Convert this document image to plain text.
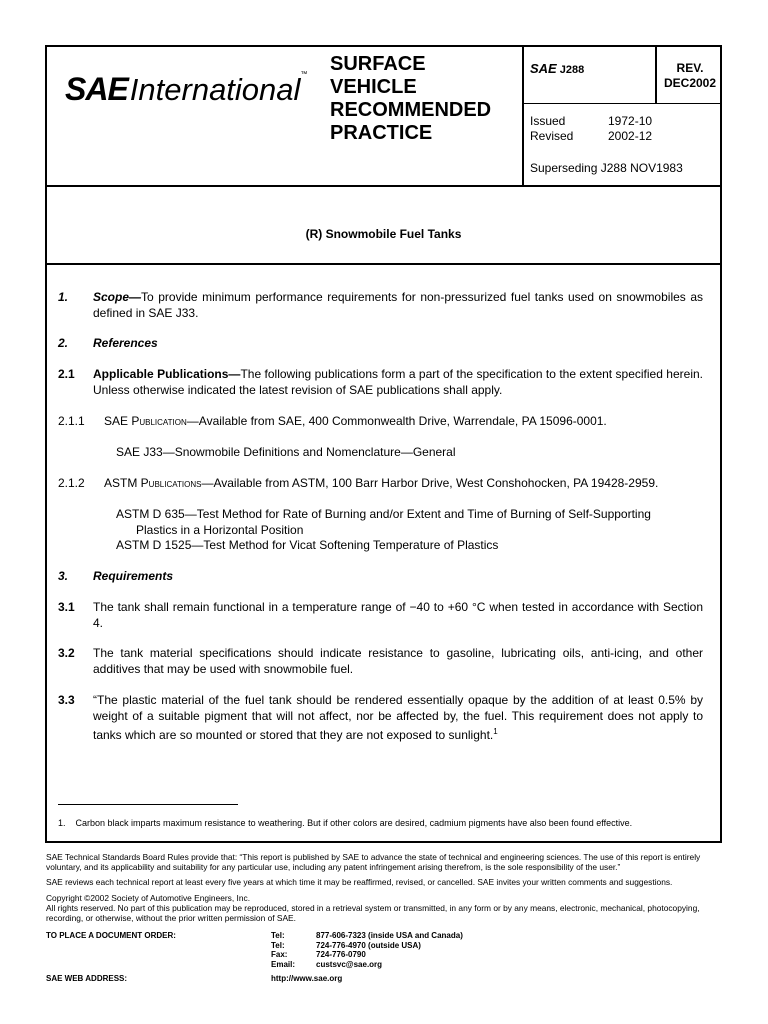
SAEInternational™ SURFACE
VEHICLE
RECOMMENDED
PRACTICE
SAE J288	REV.
DEC2002
Issued	1972-10
Revised	2002-12
Superseding J288 NOV1983
(R) Snowmobile Fuel Tanks
1. Scope—To provide minimum performance requirements for non-pressurized fuel tanks used on snowmobiles as defined in SAE J33.
2. References
2.1 Applicable Publications—The following publications form a part of the specification to the extent specified herein. Unless otherwise indicated the latest revision of SAE publications shall apply.
2.1.1 SAE Publication—Available from SAE, 400 Commonwealth Drive, Warrendale, PA 15096-0001.
SAE J33—Snowmobile Definitions and Nomenclature—General
2.1.2 ASTM Publications—Available from ASTM, 100 Barr Harbor Drive, West Conshohocken, PA 19428-2959.
ASTM D 635—Test Method for Rate of Burning and/or Extent and Time of Burning of Self-Supporting
Plastics in a Horizontal Position
ASTM D 1525—Test Method for Vicat Softening Temperature of Plastics
3. Requirements
3.1 The tank shall remain functional in a temperature range of −40 to +60 °C when tested in accordance with Section 4.
3.2 The tank material specifications should indicate resistance to gasoline, lubricating oils, anti-icing, and other additives that may be used with snowmobile fuel.
3.3 “The plastic material of the fuel tank should be rendered essentially opaque by the addition of at least 0.5% by weight of a suitable pigment that will not affect, nor be affected by, the fuel. This requirement does not apply to tanks which are so mounted or stored that they are not exposed to sunlight.$^1$
1.    Carbon black imparts maximum resistance to weathering. But if other colors are desired, cadmium pigments have also been found effective.
SAE Technical Standards Board Rules provide that: “This report is published by SAE to advance the state of technical and engineering sciences. The use of this report is entirely voluntary, and its applicability and suitability for any particular use, including any patent infringement arising therefrom, is the sole responsibility of the user.”
SAE reviews each technical report at least every five years at which time it may be reaffirmed, revised, or cancelled. SAE invites your written comments and suggestions.
Copyright ©2002 Society of Automotive Engineers, Inc.
All rights reserved. No part of this publication may be reproduced, stored in a retrieval system or transmitted, in any form or by any means, electronic, mechanical, photocopying, recording, or otherwise, without the prior written permission of SAE.
TO PLACE A DOCUMENT ORDER:	Tel:	877-606-7323 (inside USA and Canada)
Tel:	724-776-4970 (outside USA)
Fax:	724-776-0790
Email:	custsvc@sae.org
SAE WEB ADDRESS:	http://www.sae.org
